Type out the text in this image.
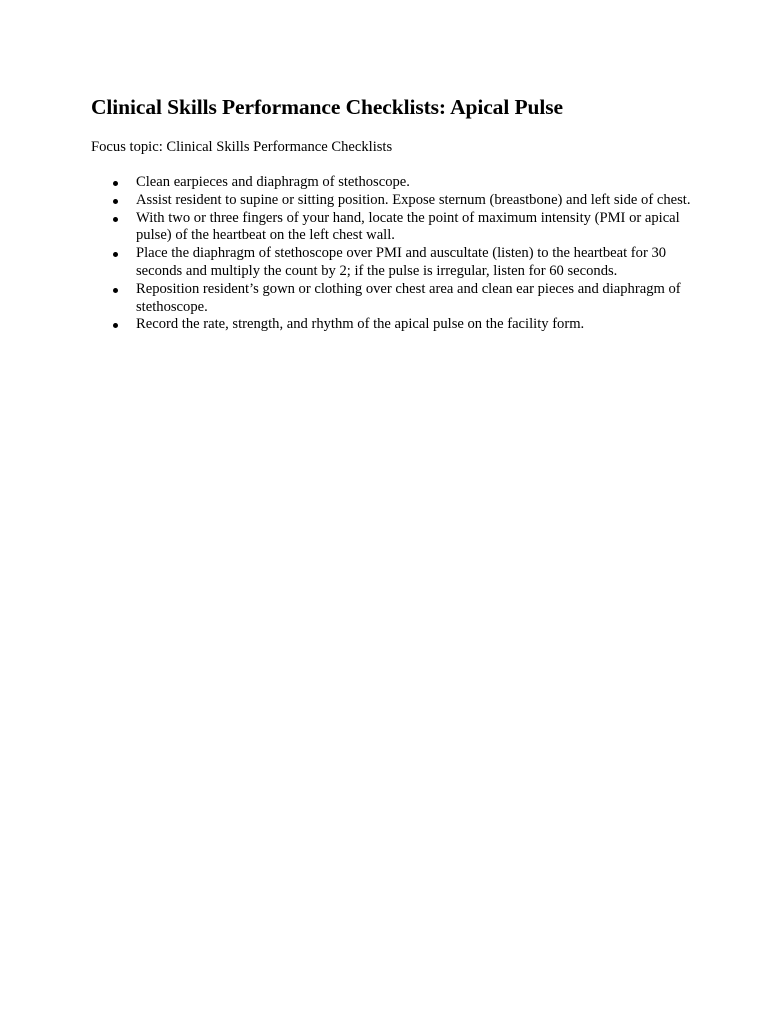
Clinical Skills Performance Checklists: Apical Pulse

Focus topic: Clinical Skills Performance Checklists

Clean earpieces and diaphragm of stethoscope.
Assist resident to supine or sitting position. Expose sternum (breastbone) and left side of chest.
With two or three fingers of your hand, locate the point of maximum intensity (PMI or apical pulse) of the heartbeat on the left chest wall.
Place the diaphragm of stethoscope over PMI and auscultate (listen) to the heartbeat for 30 seconds and multiply the count by 2; if the pulse is irregular, listen for 60 seconds.
Reposition resident’s gown or clothing over chest area and clean ear pieces and diaphragm of stethoscope.
Record the rate, strength, and rhythm of the apical pulse on the facility form.
